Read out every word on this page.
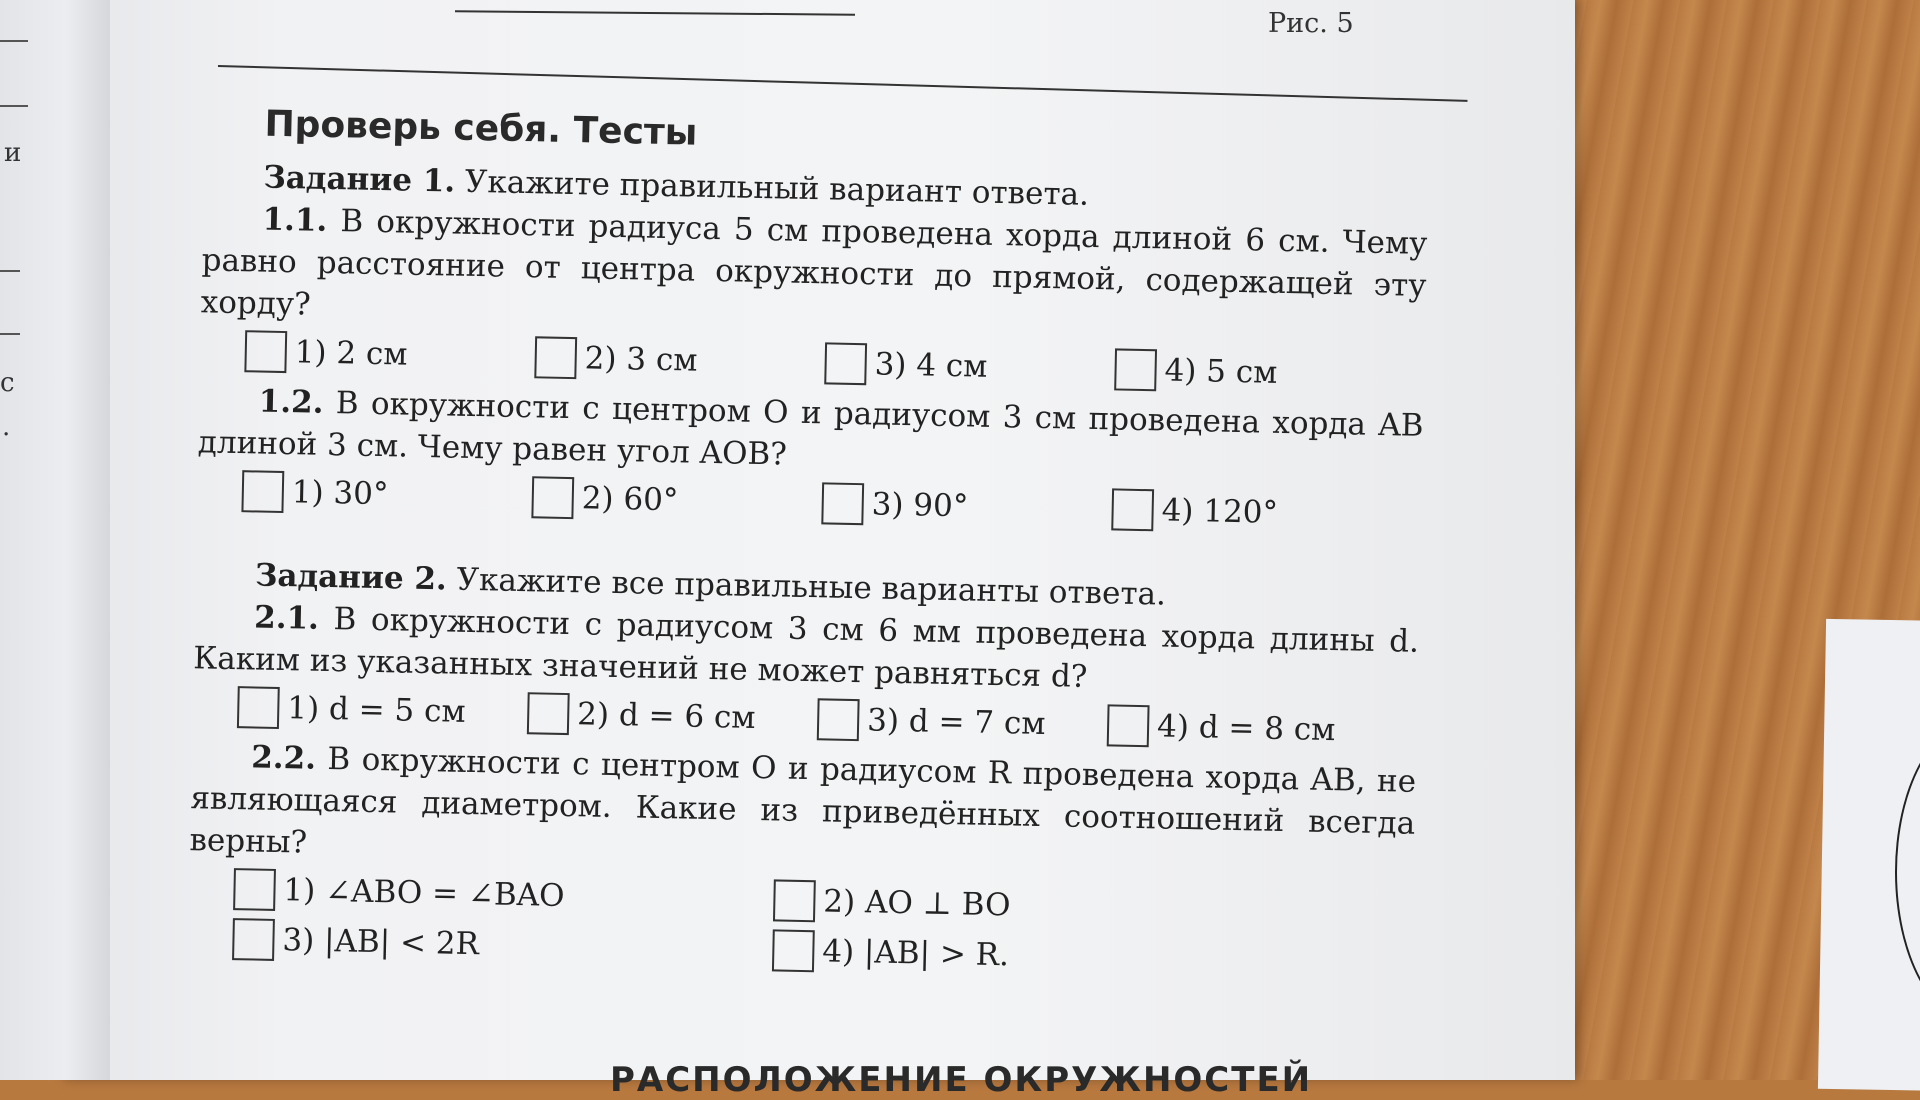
Рис. 5
и
с
.
Проверь себя. Тесты
Задание 1. Укажите правильный вариант ответа.
1.1. В окружности радиуса 5 см проведена хорда длиной 6 см. Чему равно расстояние от центра окружности до прямой, содержащей эту хорду?
1) 2 см	2) 3 см	3) 4 см	4) 5 см
1.2. В окружности с центром O и радиусом 3 см проведена хорда AB длиной 3 см. Чему равен угол AOB?
1) 30°	2) 60°	3) 90°	4) 120°
Задание 2. Укажите все правильные варианты ответа.
2.1. В окружности с радиусом 3 см 6 мм проведена хорда длины d. Каким из указанных значений не может равняться d?
1) d = 5 см	2) d = 6 см	3) d = 7 см	4) d = 8 см
2.2. В окружности с центром O и радиусом R проведена хорда AB, не являющаяся диаметром. Какие из приведённых соотношений всегда верны?
1) ∠ABO = ∠BAO	2) AO ⊥ BO
3) |AB| < 2R	4) |AB| > R.
РАСПОЛОЖЕНИЕ ОКРУЖНОСТЕЙ
